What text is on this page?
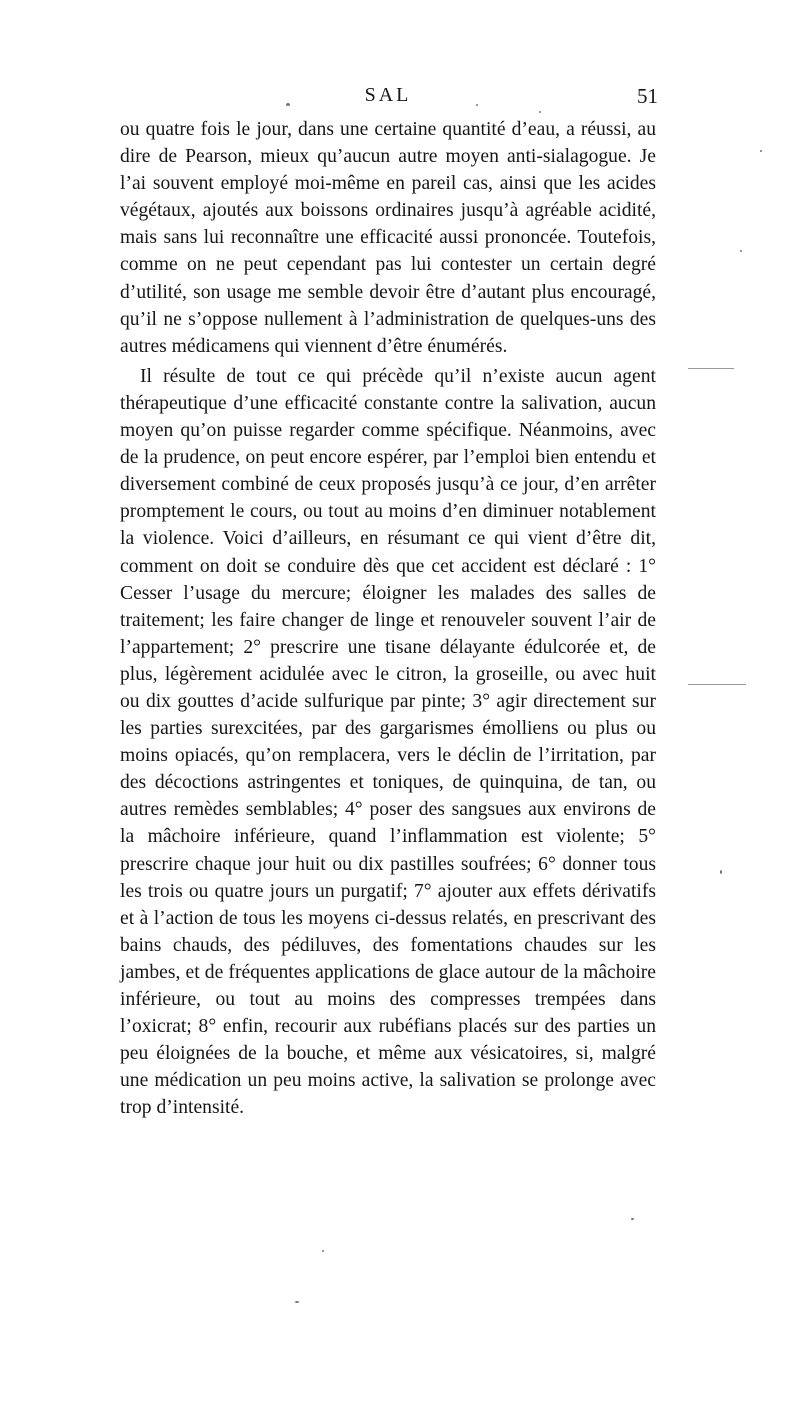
SAL	51

ou quatre fois le jour, dans une certaine quantité d’eau, a réussi, au dire de Pearson, mieux qu’aucun autre moyen anti-sialagogue. Je l’ai souvent employé moi-même en pareil cas, ainsi que les acides végétaux, ajoutés aux boissons ordinaires jusqu’à agréable acidité, mais sans lui reconnaître une efficacité aussi prononcée. Toutefois, comme on ne peut cependant pas lui contester un certain degré d’utilité, son usage me semble devoir être d’autant plus encouragé, qu’il ne s’oppose nullement à l’administration de quelques-uns des autres médicamens qui viennent d’être énumérés.

Il résulte de tout ce qui précède qu’il n’existe aucun agent thérapeutique d’une efficacité constante contre la salivation, aucun moyen qu’on puisse regarder comme spécifique. Néanmoins, avec de la prudence, on peut encore espérer, par l’emploi bien entendu et diversement combiné de ceux proposés jusqu’à ce jour, d’en arrêter promptement le cours, ou tout au moins d’en diminuer notablement la violence. Voici d’ailleurs, en résumant ce qui vient d’être dit, comment on doit se conduire dès que cet accident est déclaré : 1° Cesser l’usage du mercure; éloigner les malades des salles de traitement; les faire changer de linge et renouveler souvent l’air de l’appartement; 2° prescrire une tisane délayante édulcorée et, de plus, légèrement acidulée avec le citron, la groseille, ou avec huit ou dix gouttes d’acide sulfurique par pinte; 3° agir directement sur les parties surexcitées, par des gargarismes émolliens ou plus ou moins opiacés, qu’on remplacera, vers le déclin de l’irritation, par des décoctions astringentes et toniques, de quinquina, de tan, ou autres remèdes semblables; 4° poser des sangsues aux environs de la mâchoire inférieure, quand l’inflammation est violente; 5° prescrire chaque jour huit ou dix pastilles soufrées; 6° donner tous les trois ou quatre jours un purgatif; 7° ajouter aux effets dérivatifs et à l’action de tous les moyens ci-dessus relatés, en prescrivant des bains chauds, des pédiluves, des fomentations chaudes sur les jambes, et de fréquentes applications de glace autour de la mâchoire inférieure, ou tout au moins des compresses trempées dans l’oxicrat; 8° enfin, recourir aux rubéfians placés sur des parties un peu éloignées de la bouche, et même aux vésicatoires, si, malgré une médication un peu moins active, la salivation se prolonge avec trop d’intensité.
